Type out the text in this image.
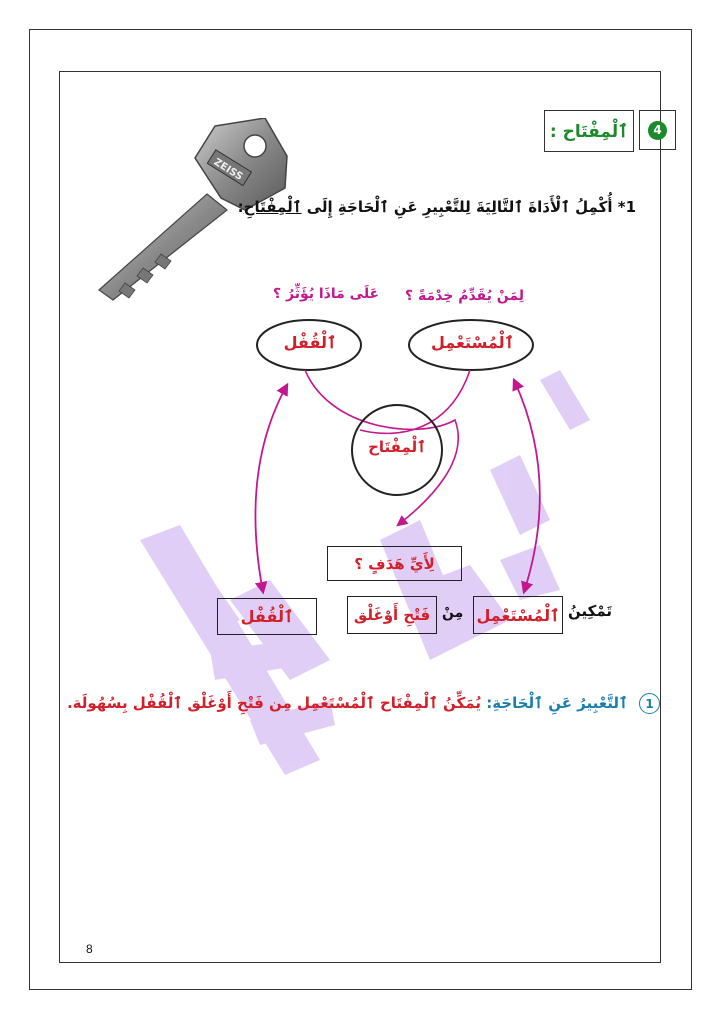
ZEISS
4
ٱلْمِفْتَاح :
1* أُكْمِلُ ٱلْأَدَاةَ ٱلتَّالِيَةَ لِلتَّعْبِيرِ عَنِ ٱلْحَاجَةِ إِلَى ٱلْمِفْتَاحِ:
عَلَى مَاذَا يُؤَثِّرُ ؟ لِمَنْ يُقَدِّمُ خِدْمَةً ؟
ٱلْقُفْل	ٱلْمُسْتَعْمِل
ٱلْمِفْتَاح
لِأَيِّ هَدَفٍ ؟
تَمْكِينُ
ٱلْمُسْتَعْمِل
مِنْ
فَتْحِ أَوْغَلْق
ٱلْقُفْل
1 ٱلتَّعْبِيرُ عَنِ ٱلْحَاجَةِ: يُمَكِّنُ ٱلْمِفْتَاح ٱلْمُسْتَعْمِل مِن فَتْحِ أَوْغَلْق ٱلْقُفْل بِسُهُولَة.
8
